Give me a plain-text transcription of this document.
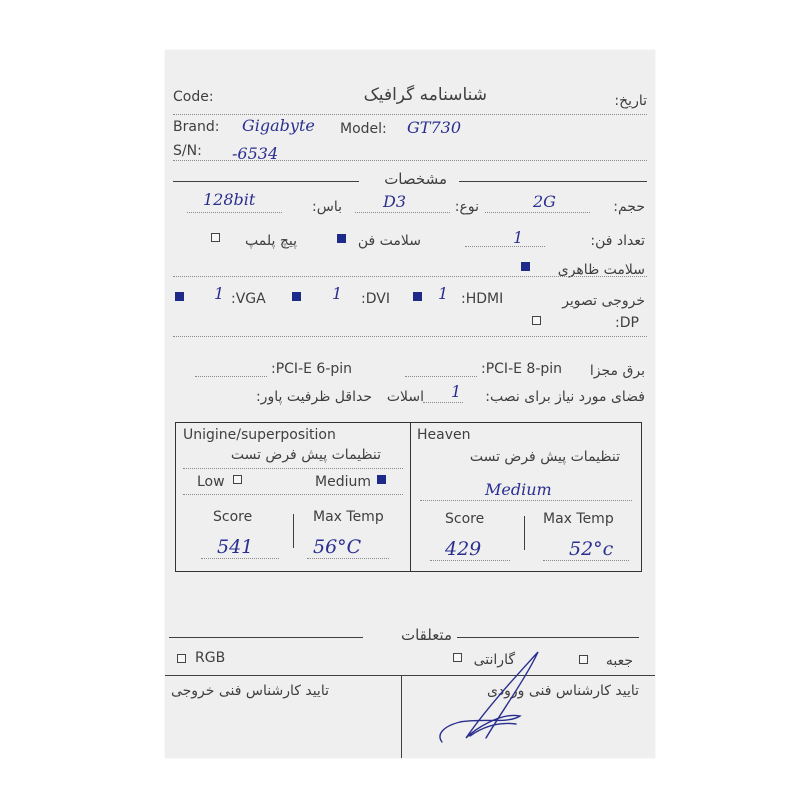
Code:	شناسنامه گرافیک	تاریخ:
Brand: Gigabyte Model: GT730
S/N: -6534
مشخصات
حجم:
2G
نوع:
D3
باس:
128bit
تعداد فن:
1
سلامت فن
پیچ پلمپ
سلامت ظاهری
خروجی تصویر
:HDMI
1
:DVI
1
:VGA
1
:DP
برق مجزا
:PCI-E 8-pin
:PCI-E 6-pin
فضای مورد نیاز برای نصب:
1
اسلات
حداقل ظرفیت پاور:
Unigine/superposition
تنظیمات پیش فرض تست
Low	Medium
Score	Max Temp
541	56°C
Heaven
تنظیمات پیش فرض تست
Medium
Score	Max Temp
429	52°c
متعلقات
جعبه
گارانتی
RGB
تایید کارشناس فنی ورودی
تایید کارشناس فنی خروجی
